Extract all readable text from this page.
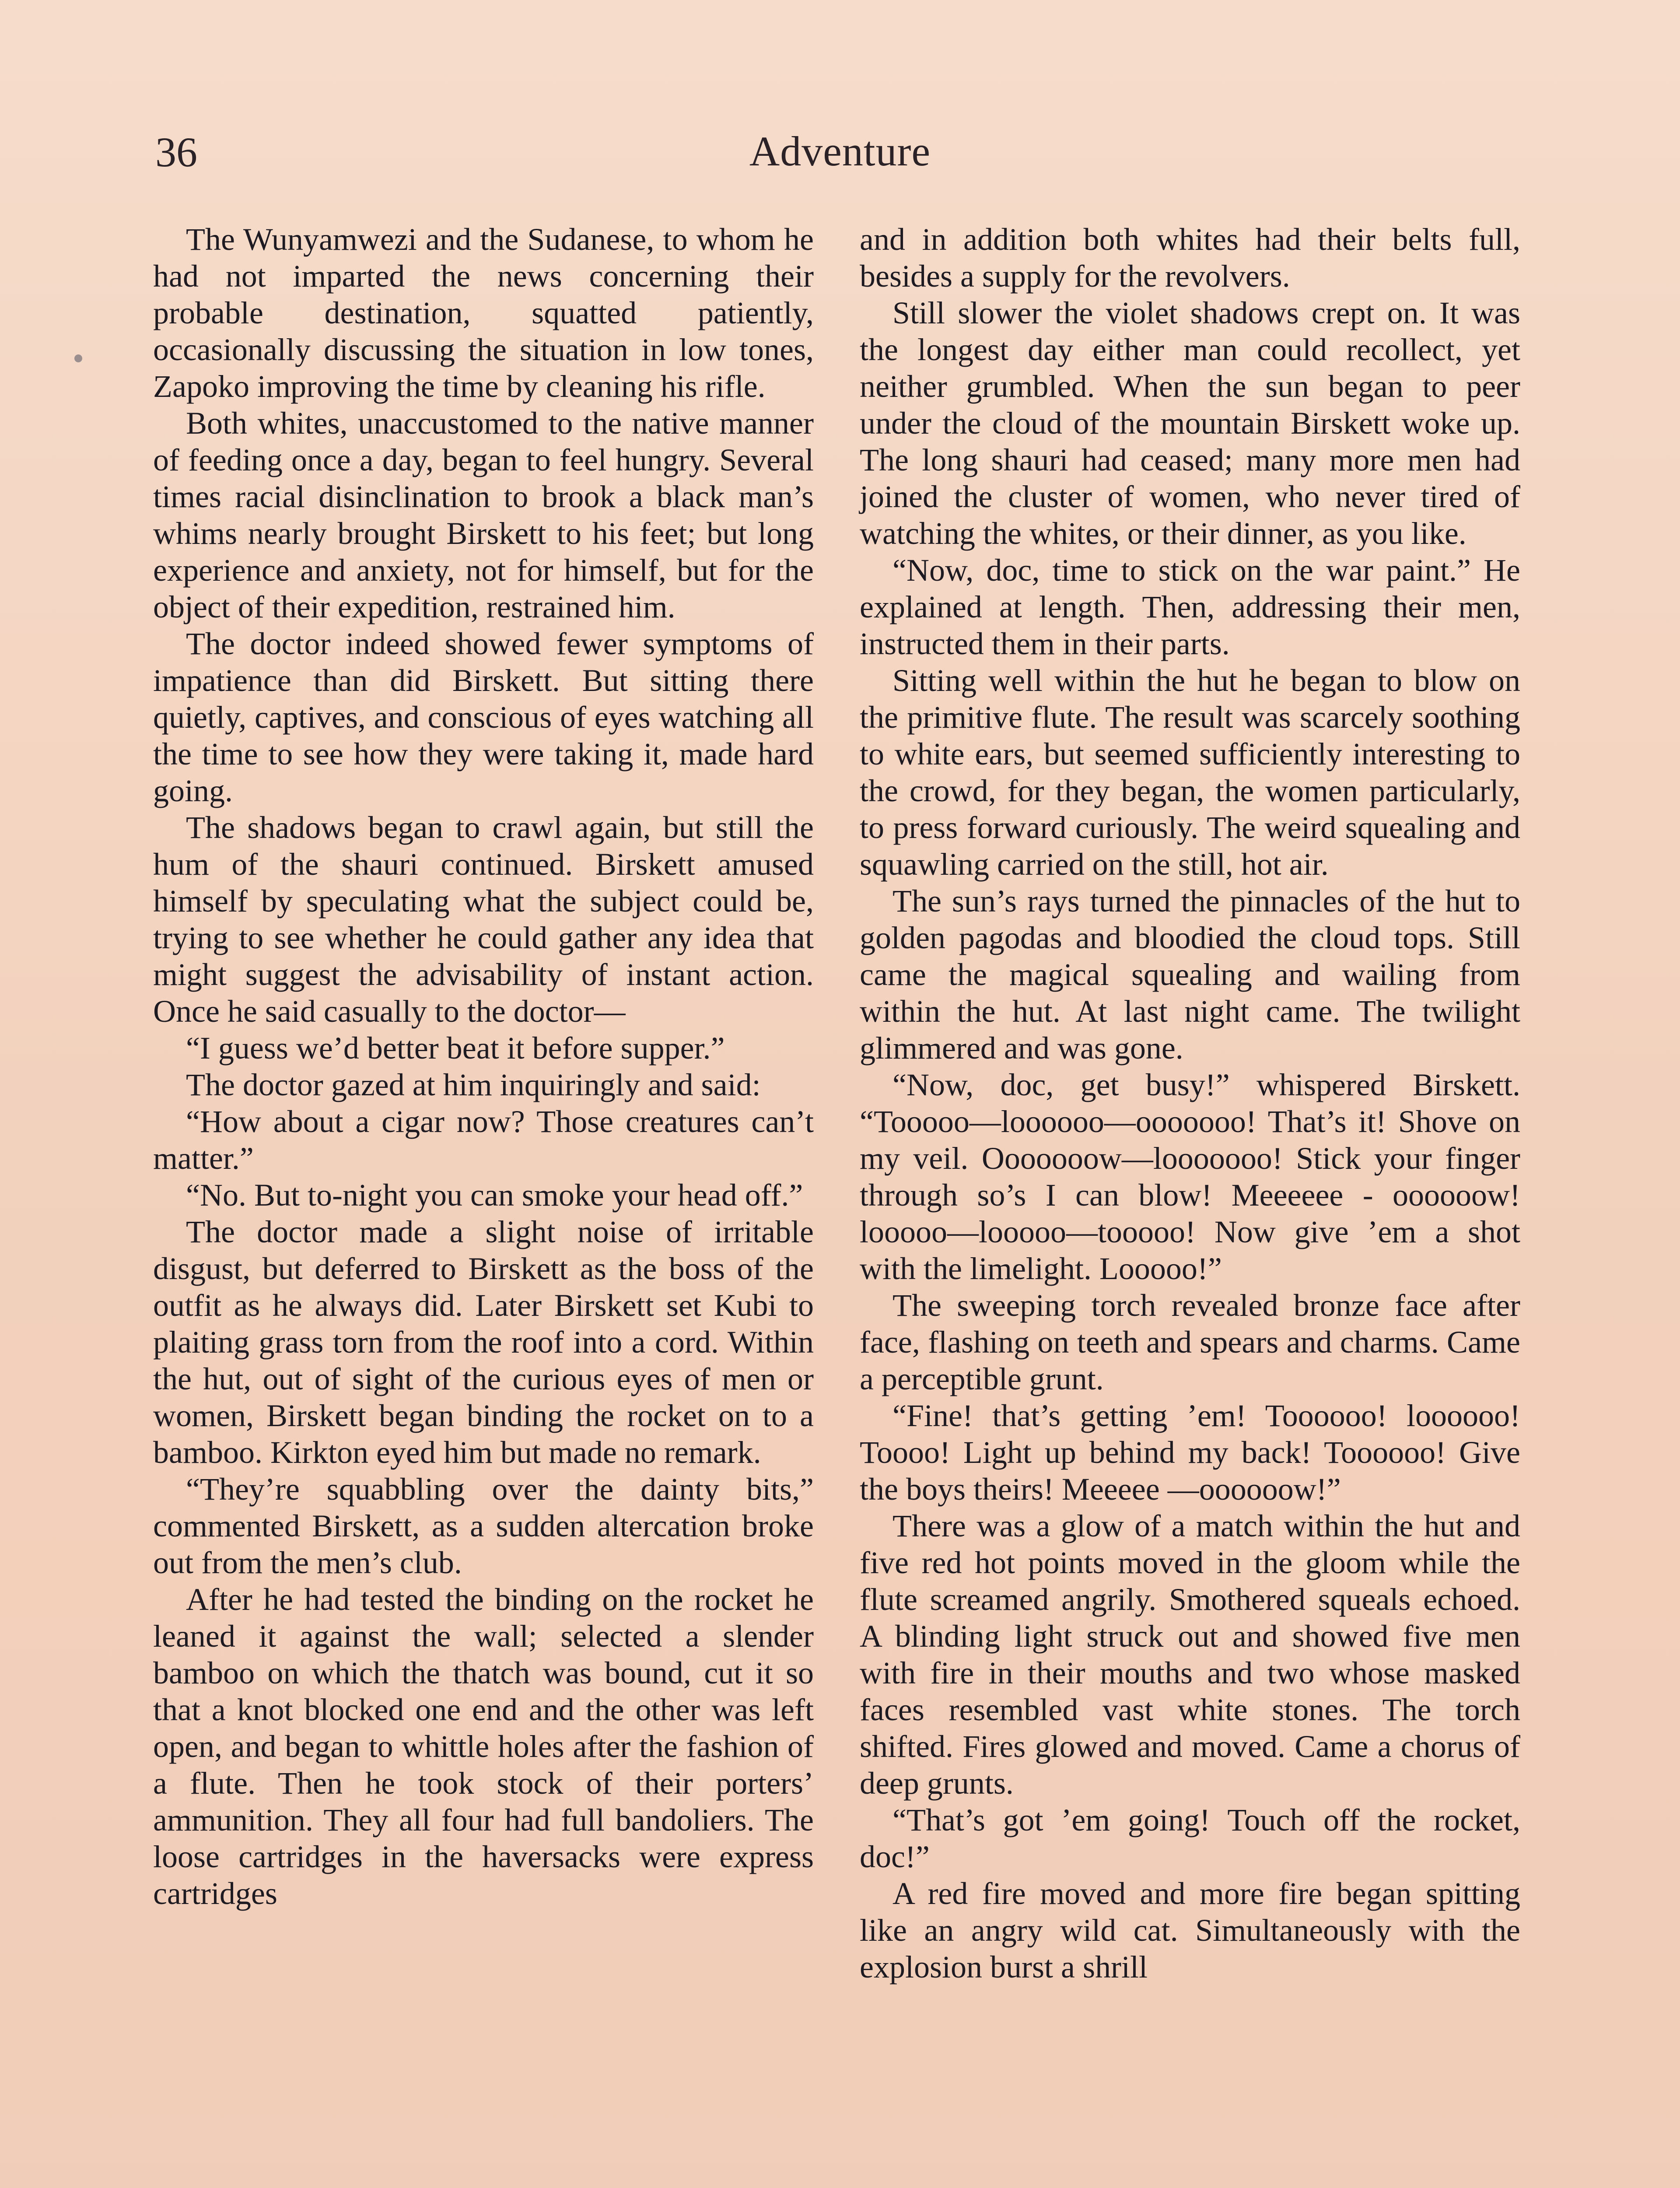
36	Adventure

The Wunyamwezi and the Sudanese, to whom he had not imparted the news concerning their probable destination, squatted patiently, occasionally discussing the situation in low tones, Zapoko improving the time by cleaning his rifle.

Both whites, unaccustomed to the native manner of feeding once a day, began to feel hungry. Several times racial disinclination to brook a black man’s whims nearly brought Birskett to his feet; but long experience and anxiety, not for himself, but for the object of their expedition, restrained him.

The doctor indeed showed fewer symptoms of impatience than did Birskett. But sitting there quietly, captives, and conscious of eyes watching all the time to see how they were taking it, made hard going.

The shadows began to crawl again, but still the hum of the shauri continued. Birskett amused himself by speculating what the subject could be, trying to see whether he could gather any idea that might suggest the advisability of instant action. Once he said casually to the doctor—

“I guess we’d better beat it before supper.”

The doctor gazed at him inquiringly and said:

“How about a cigar now? Those creatures can’t matter.”

“No. But to-night you can smoke your head off.”

The doctor made a slight noise of irritable disgust, but deferred to Birskett as the boss of the outfit as he always did. Later Birskett set Kubi to plaiting grass torn from the roof into a cord. Within the hut, out of sight of the curious eyes of men or women, Birskett began binding the rocket on to a bamboo. Kirkton eyed him but made no remark.

“They’re squabbling over the dainty bits,” commented Birskett, as a sudden altercation broke out from the men’s club.

After he had tested the binding on the rocket he leaned it against the wall; selected a slender bamboo on which the thatch was bound, cut it so that a knot blocked one end and the other was left open, and began to whittle holes after the fashion of a flute. Then he took stock of their porters’ ammunition. They all four had full bandoliers. The loose cartridges in the haversacks were express cartridges

and in addition both whites had their belts full, besides a supply for the revolvers.

Still slower the violet shadows crept on. It was the longest day either man could recollect, yet neither grumbled. When the sun began to peer under the cloud of the mountain Birskett woke up. The long shauri had ceased; many more men had joined the cluster of women, who never tired of watching the whites, or their dinner, as you like.

“Now, doc, time to stick on the war paint.” He explained at length. Then, addressing their men, instructed them in their parts.

Sitting well within the hut he began to blow on the primitive flute. The result was scarcely soothing to white ears, but seemed sufficiently interesting to the crowd, for they began, the women particularly, to press forward curiously. The weird squealing and squawling carried on the still, hot air.

The sun’s rays turned the pinnacles of the hut to golden pagodas and bloodied the cloud tops. Still came the magical squealing and wailing from within the hut. At last night came. The twilight glimmered and was gone.

“Now, doc, get busy!” whispered Birskett. “Tooooo—loooooo—ooooooo! That’s it! Shove on my veil. Ooooooow—looooooo! Stick your finger through so’s I can blow! Meeeeee - oooooow! looooo—looooo—tooooo! Now give ’em a shot with the limelight. Looooo!”

The sweeping torch revealed bronze face after face, flashing on teeth and spears and charms. Came a perceptible grunt.

“Fine! that’s getting ’em! Toooooo! loooooo! Toooo! Light up behind my back! Toooooo! Give the boys theirs! Meeeee —oooooow!”

There was a glow of a match within the hut and five red hot points moved in the gloom while the flute screamed angrily. Smothered squeals echoed. A blinding light struck out and showed five men with fire in their mouths and two whose masked faces resembled vast white stones. The torch shifted. Fires glowed and moved. Came a chorus of deep grunts.

“That’s got ’em going! Touch off the rocket, doc!”

A red fire moved and more fire began spitting like an angry wild cat. Simultaneously with the explosion burst a shrill
